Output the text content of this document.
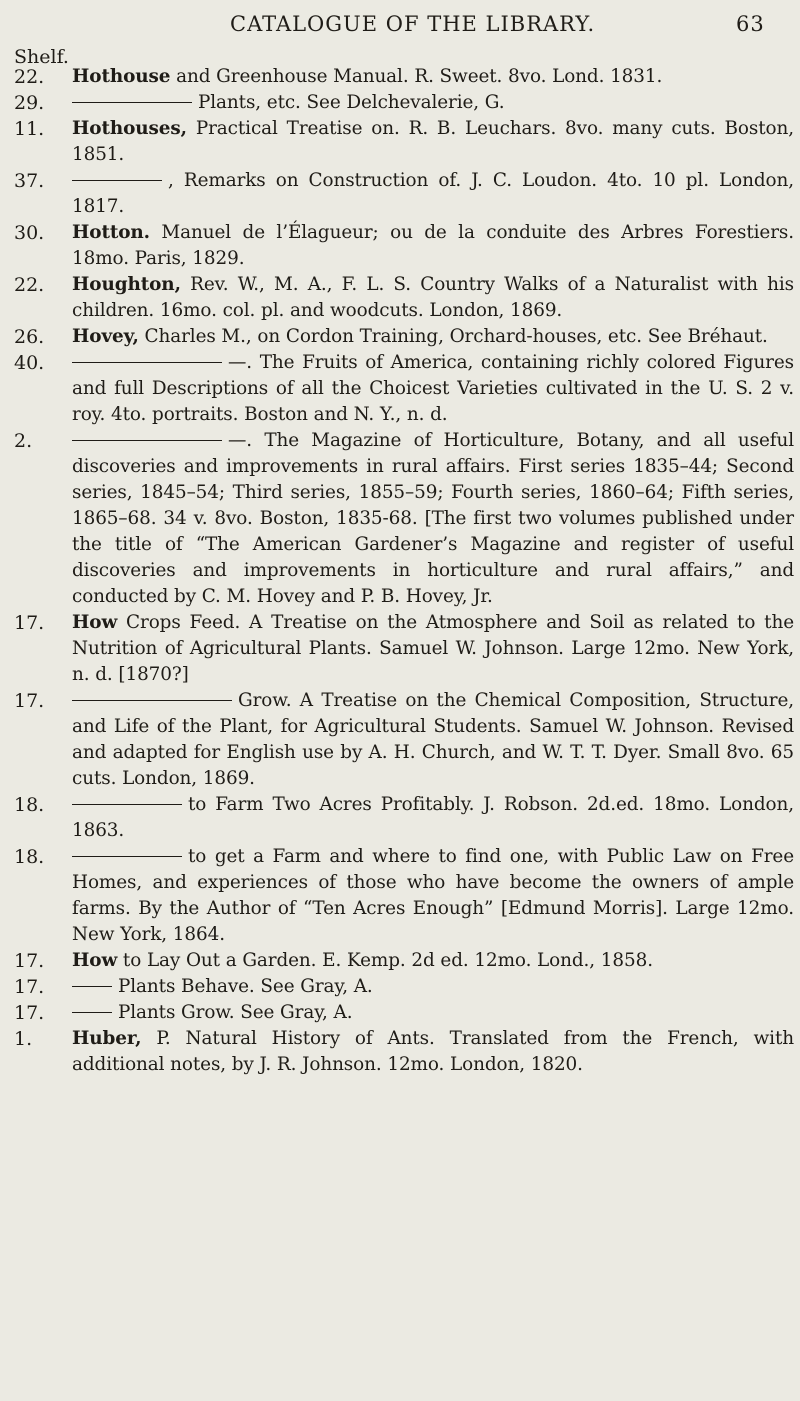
CATALOGUE OF THE LIBRARY.	63
Shelf.
22.	Hothouse and Greenhouse Manual. R. Sweet. 8vo. Lond. 1831.
29.	Plants, etc. See Delchevalerie, G.
11.	Hothouses, Practical Treatise on. R. B. Leuchars. 8vo. many cuts. Boston, 1851.
37.	, Remarks on Construction of. J. C. Loudon. 4to. 10 pl. London, 1817.
30.	Hotton. Manuel de l’Élagueur; ou de la conduite des Arbres Forestiers. 18mo. Paris, 1829.
22.	Houghton, Rev. W., M. A., F. L. S. Country Walks of a Naturalist with his children. 16mo. col. pl. and woodcuts. London, 1869.
26.	Hovey, Charles M., on Cordon Training, Orchard-houses, etc. See Bréhaut.
40.	—. The Fruits of America, containing richly colored Figures and full Descriptions of all the Choicest Varieties cultivated in the U. S. 2 v. roy. 4to. portraits. Boston and N. Y., n. d.
2.	—. The Magazine of Horticulture, Botany, and all useful discoveries and improvements in rural affairs. First series 1835–44; Second series, 1845–54; Third series, 1855–59; Fourth series, 1860–64; Fifth series, 1865–68. 34 v. 8vo. Boston, 1835-68. [The first two volumes published under the title of “The American Gardener’s Magazine and register of useful discoveries and improvements in horticulture and rural affairs,” and conducted by C. M. Hovey and P. B. Hovey, Jr.
17.	How Crops Feed. A Treatise on the Atmosphere and Soil as related to the Nutrition of Agricultural Plants. Samuel W. Johnson. Large 12mo. New York, n. d. [1870?]
17.	Grow. A Treatise on the Chemical Composition, Structure, and Life of the Plant, for Agricultural Students. Samuel W. Johnson. Revised and adapted for English use by A. H. Church, and W. T. T. Dyer. Small 8vo. 65 cuts. London, 1869.
18.	to Farm Two Acres Profitably. J. Robson. 2d.ed. 18mo. London, 1863.
18.	to get a Farm and where to find one, with Public Law on Free Homes, and experiences of those who have become the owners of ample farms. By the Author of “Ten Acres Enough” [Edmund Morris]. Large 12mo. New York, 1864.
17.	How to Lay Out a Garden. E. Kemp. 2d ed. 12mo. Lond., 1858.
17.	Plants Behave. See Gray, A.
17.	Plants Grow. See Gray, A.
1.	Huber, P. Natural History of Ants. Translated from the French, with additional notes, by J. R. Johnson. 12mo. London, 1820.
